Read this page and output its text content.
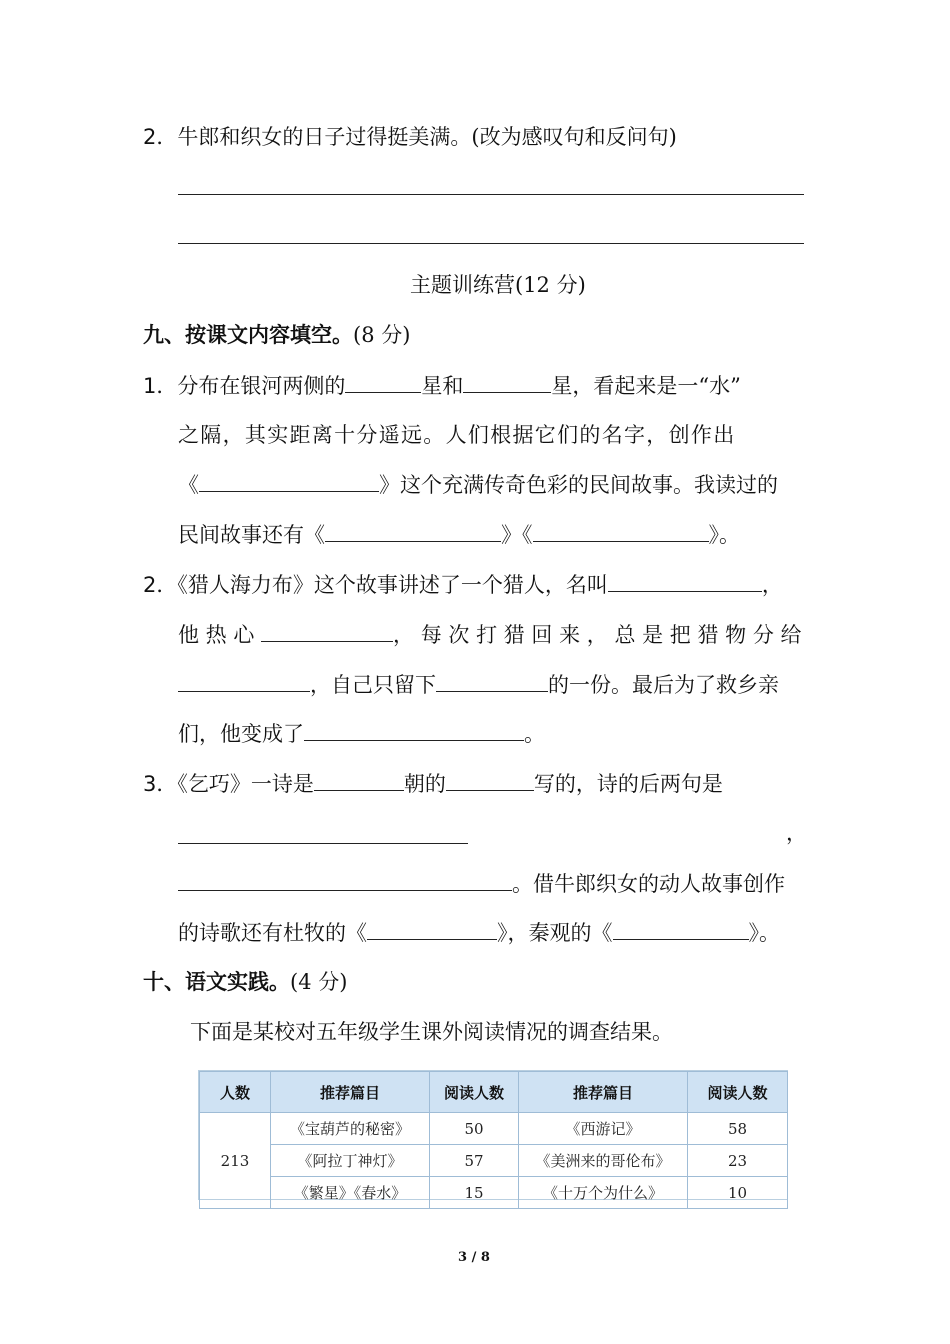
2．牛郎和织女的日子过得挺美满。(改为感叹句和反问句)
主题训练营(12 分)
九、按课文内容填空。(8 分)
1．分布在银河两侧的	星和	星，看起来是一“水”
之隔，其实距离十分遥远。人们根据它们的名字，创作出
《	》这个充满传奇色彩的民间故事。我读过的
民间故事还有《	》《	》。
2．《猎人海力布》这个故事讲述了一个猎人，名叫	，
他 热 心	， 每 次 打 猎 回 来 ， 总 是 把 猎 物 分 给
，自己只留下	的一份。最后为了救乡亲
们，他变成了	。
3．《乞巧》一诗是	朝的	写的，诗的后两句是
，
。借牛郎织女的动人故事创作
的诗歌还有杜牧的《	》，秦观的《	》。
十、语文实践。(4 分)
下面是某校对五年级学生课外阅读情况的调查结果。
人数	推荐篇目	阅读人数	推荐篇目	阅读人数
213	《宝葫芦的秘密》	50	《西游记》	58
	《阿拉丁神灯》	57	《美洲来的哥伦布》	23
	《繁星》《春水》	15	《十万个为什么》	10
3 / 8
